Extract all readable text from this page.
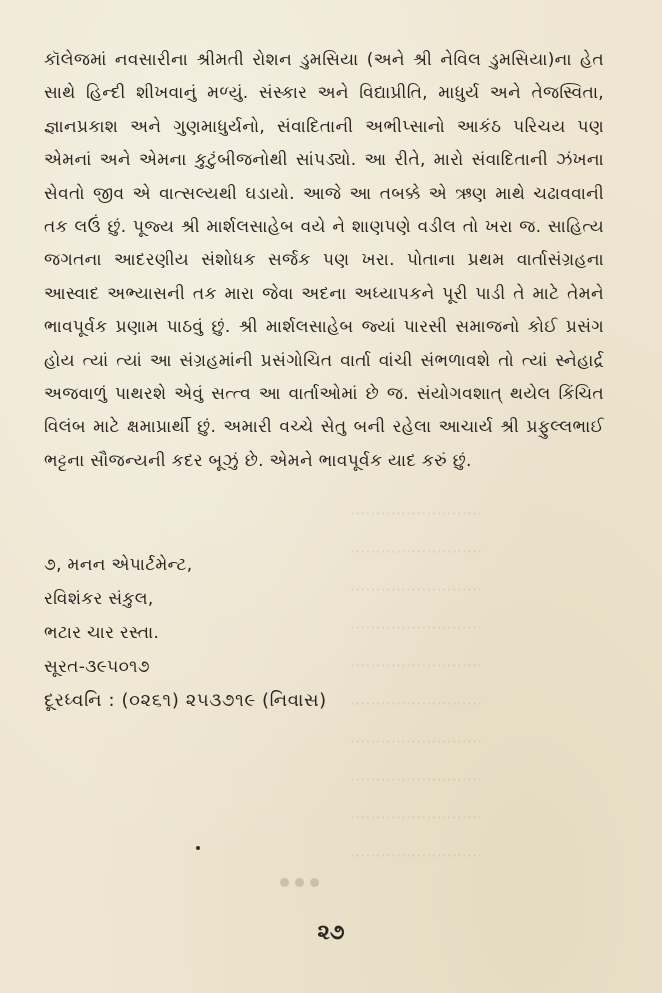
··························
··························
··························
··························
··························
··························
··························
··························
··························
··························

કૉલેજમાં નવસારીના શ્રીમતી રોશન ડુમસિયા (અને શ્રી નેવિલ ડુમસિયા)ના હેત સાથે હિન્દી શીખવાનું મળ્યું. સંસ્કાર અને વિદ્યાપ્રીતિ, માધુર્ય અને તેજસ્વિતા, જ્ઞાનપ્રકાશ અને ગુણમાધુર્યનો, સંવાદિતાની અભીપ્સાનો આકંઠ પરિચય પણ એમનાં અને એમના કુટુંબીજનોથી સાંપડ્યો. આ રીતે, મારો સંવાદિતાની ઝંખના સેવતો જીવ એ વાત્સલ્યથી ઘડાયો. આજે આ તબક્કે એ ઋણ માથે ચઢાવવાની તક લઉં છું. પૂજ્ય શ્રી માર્શલસાહેબ વયે ને શાણપણે વડીલ તો ખરા જ. સાહિત્ય જગતના આદરણીય સંશોધક સર્જક પણ ખરા. પોતાના પ્રથમ વાર્તાસંગ્રહના આસ્વાદ અભ્યાસની તક મારા જેવા અદના અધ્યાપકને પૂરી પાડી તે માટે તેમને ભાવપૂર્વક પ્રણામ પાઠવું છું. શ્રી માર્શલસાહેબ જ્યાં પારસી સમાજનો કોઈ પ્રસંગ હોય ત્યાં ત્યાં આ સંગ્રહમાંની પ્રસંગોચિત વાર્તા વાંચી સંભળાવશે તો ત્યાં સ્નેહાર્દ્ર અજવાળું પાથરશે એવું સત્ત્વ આ વાર્તાઓમાં છે જ. સંયોગવશાત્ થયેલ કિંચિત વિલંબ માટે ક્ષમાપ્રાર્થી છું. અમારી વચ્ચે સેતુ બની રહેલા આચાર્ય શ્રી પ્રફુલ્લભાઈ ભટ્ટના સૌજન્યની કદર બૂઝું છે. એમને ભાવપૂર્વક યાદ કરું છું.

૭, મનન એપાર્ટમેન્ટ,
રવિશંકર સંકુલ,
ભટાર ચાર રસ્તા.
સૂરત-૩૯૫૦૧૭
દૂરધ્વનિ : (૦૨૬૧) ૨૫૩૭૧૯ (નિવાસ)
૨૭
